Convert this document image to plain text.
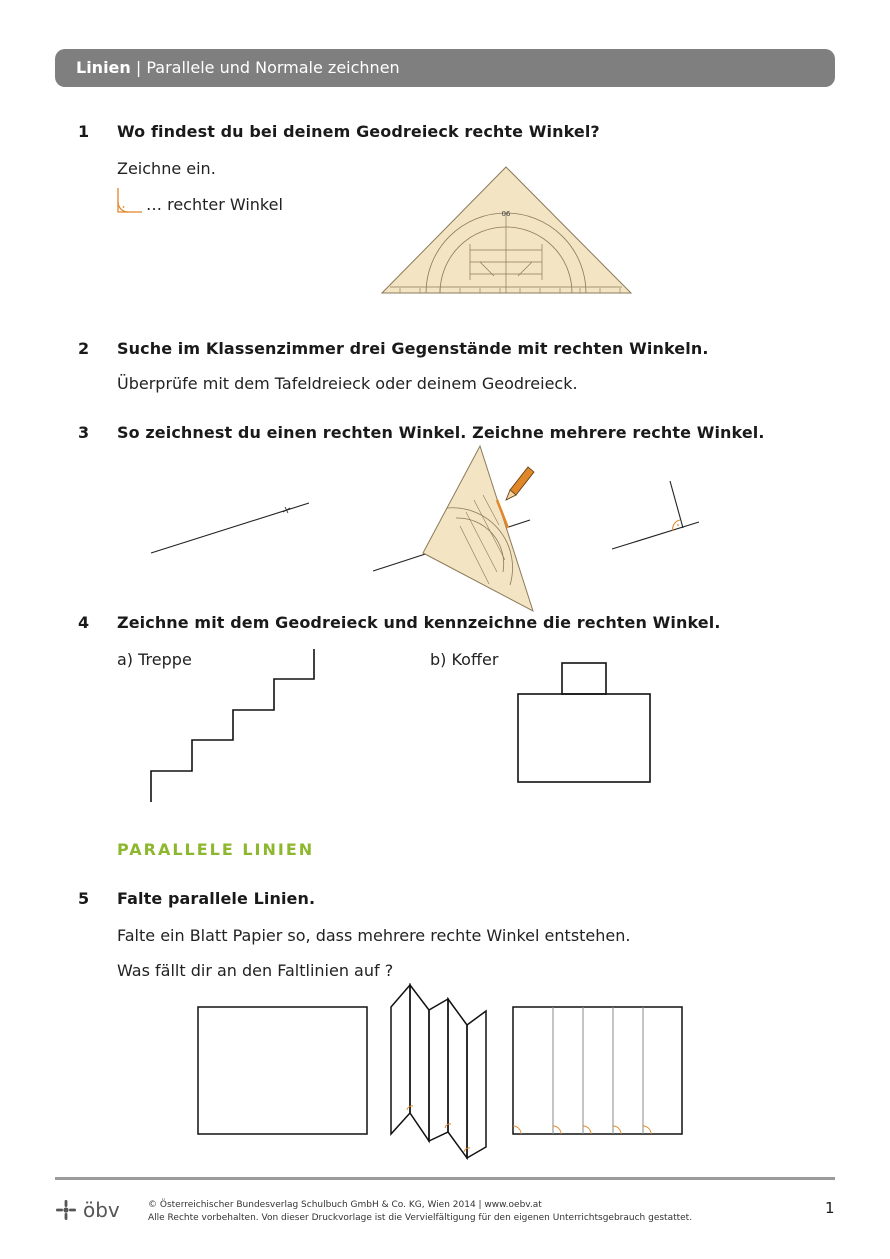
Linien | Parallele und Normale zeichnen
1 Wo findest du bei deinem Geodreieck rechte Winkel?
Zeichne ein.
… rechter Winkel
2 Suche im Klassenzimmer drei Gegenstände mit rechten Winkeln.
Überprüfe mit dem Tafeldreieck oder deinem Geodreieck.
3 So zeichnest du einen rechten Winkel. Zeichne mehrere rechte Winkel.
4 Zeichne mit dem Geodreieck und kennzeichne die rechten Winkel.
a) Treppe	b) Koffer
PARALLELE LINIEN
5 Falte parallele Linien.
Falte ein Blatt Papier so, dass mehrere rechte Winkel entstehen.
Was fällt dir an den Faltlinien auf ?
06
öbv	© Österreichischer Bundesverlag Schulbuch GmbH & Co. KG, Wien 2014 | www.oebv.at
Alle Rechte vorbehalten. Von dieser Druckvorlage ist die Vervielfältigung für den eigenen Unterrichtsgebrauch gestattet.
1
